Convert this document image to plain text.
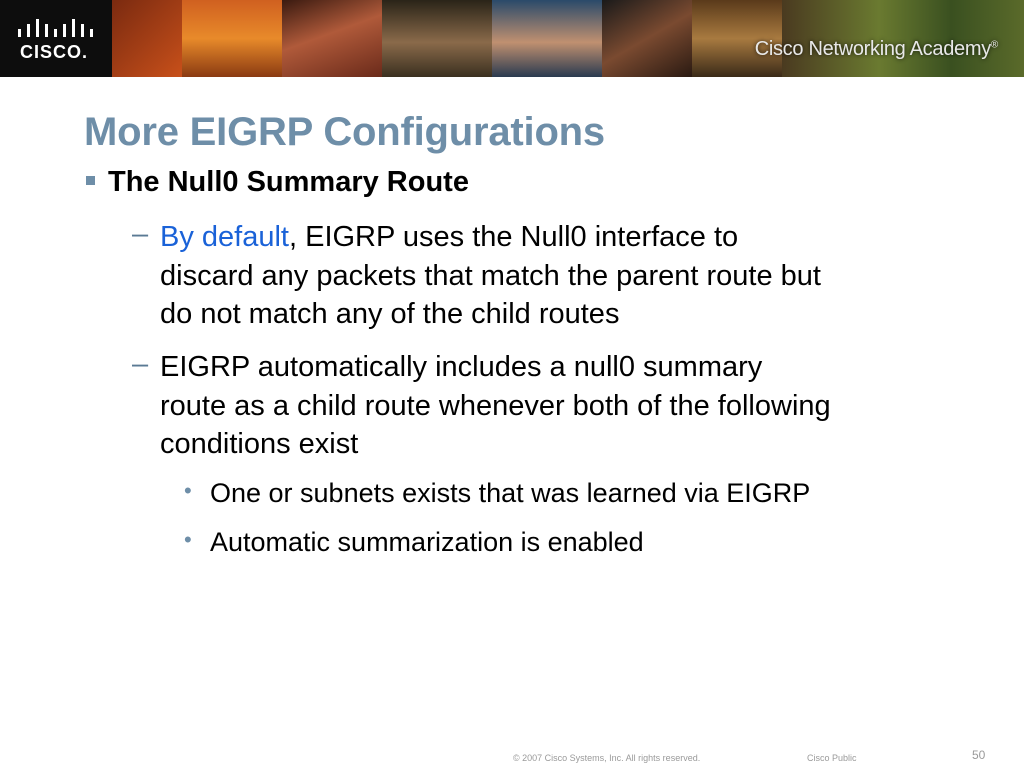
CISCO.	Cisco Networking Academy®
More EIGRP Configurations
The Null0 Summary Route
– By default, EIGRP uses the Null0 interface to
discard any packets that match the parent route but
do not match any of the child routes
– EIGRP automatically includes a null0 summary
route as a child route whenever both of the following
conditions exist
• One or subnets exists that was learned via EIGRP
• Automatic summarization is enabled
© 2007 Cisco Systems, Inc. All rights reserved.	Cisco Public	50
